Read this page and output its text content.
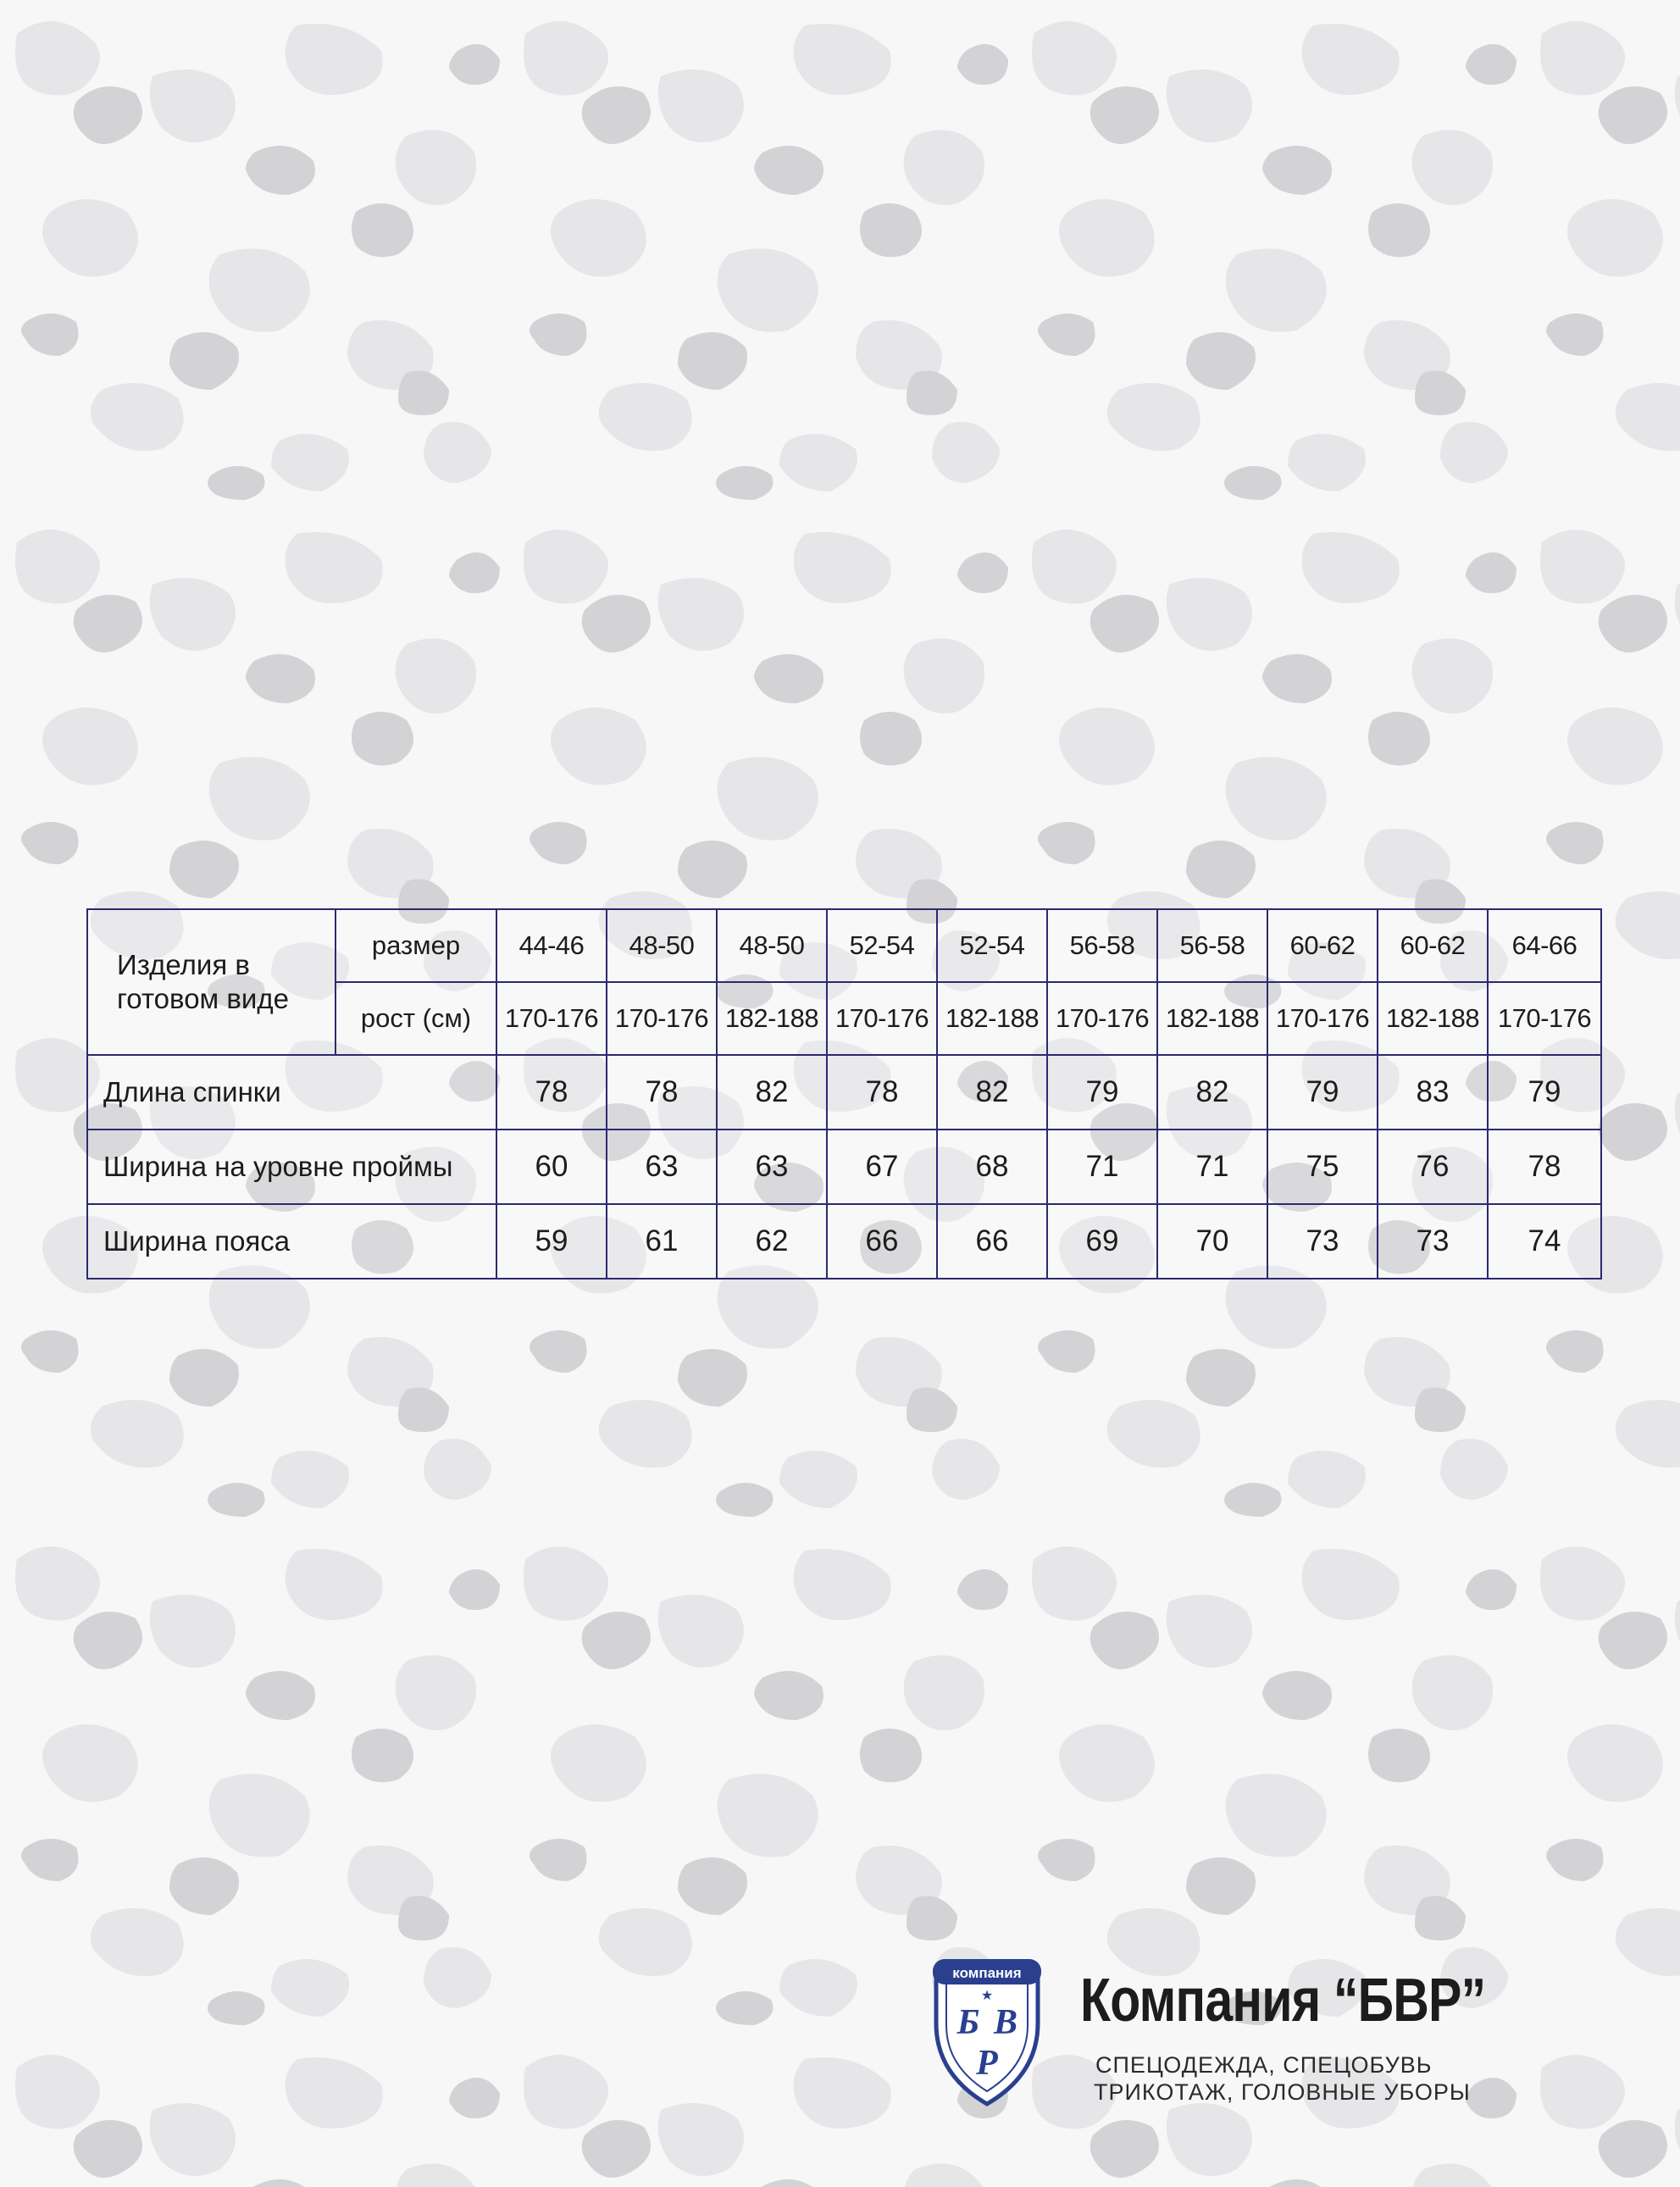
Изделия в готовом виде	размер	44-46	48-50	48-50	52-54	52-54	56-58	56-58	60-62	60-62	64-66
	рост (см)	170-176	170-176	182-188	170-176	182-188	170-176	182-188	170-176	182-188	170-176
Длина спинки		78	78	82	78	82	79	82	79	83	79
Ширина на уровне проймы		60	63	63	67	68	71	71	75	76	78
Ширина пояса		59	61	62	66	66	69	70	73	73	74
компания
★
Б В
Р
Компания “БВР”
СПЕЦОДЕЖДА, СПЕЦОБУВЬ
ТРИКОТАЖ, ГОЛОВНЫЕ УБОРЫ
